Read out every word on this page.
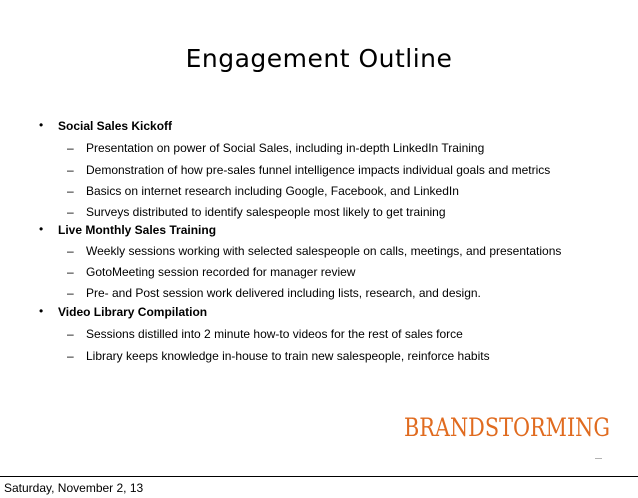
Engagement Outline
• Social Sales Kickoff
– Presentation on power of Social Sales, including in-depth LinkedIn Training
– Demonstration of how pre-sales funnel intelligence impacts individual goals and metrics
– Basics on internet research including Google, Facebook, and LinkedIn
– Surveys distributed to identify salespeople most likely to get training
• Live Monthly Sales Training
– Weekly sessions working with selected salespeople on calls, meetings, and presentations
– GotoMeeting session recorded for manager review
– Pre- and Post session work delivered including lists, research, and design.
• Video Library Compilation
– Sessions distilled into 2 minute how-to videos for the rest of sales force
– Library keeps knowledge in-house to train new salespeople, reinforce habits
BRANDSTORMING
—
Saturday, November 2, 13
